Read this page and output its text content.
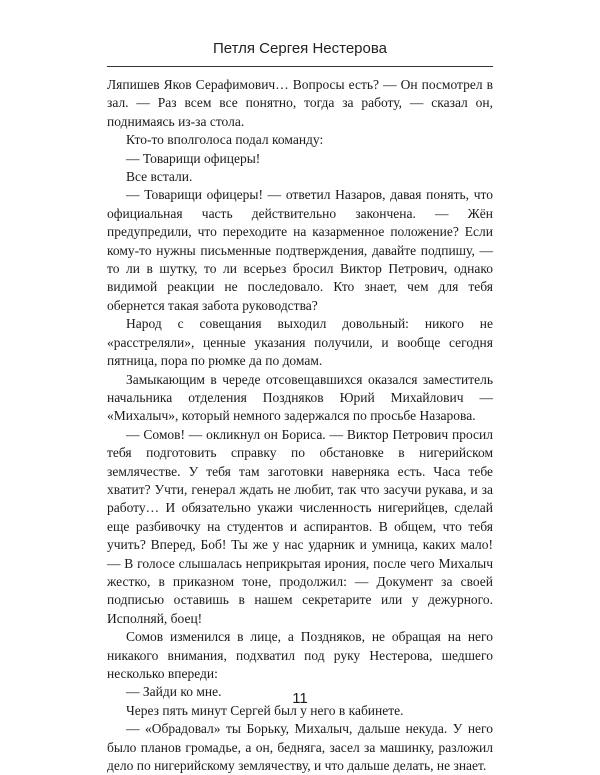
Петля Сергея Нестерова

Ляпишев Яков Серафимович… Вопросы есть? — Он посмотрел в зал. — Раз всем все понятно, тогда за работу, — сказал он, поднимаясь из-за стола.

Кто-то вполголоса подал команду:

— Товарищи офицеры!

Все встали.

— Товарищи офицеры! — ответил Назаров, давая понять, что официальная часть действительно закончена. — Жён предупредили, что переходите на казарменное положение? Если кому-то нужны письменные подтверждения, давайте подпишу, — то ли в шутку, то ли всерьез бросил Виктор Петрович, однако видимой реакции не последовало. Кто знает, чем для тебя обернется такая забота руководства?

Народ с совещания выходил довольный: никого не «расстреляли», ценные указания получили, и вообще сегодня пятница, пора по рюмке да по домам.

Замыкающим в череде отсовещавшихся оказался заместитель начальника отделения Поздняков Юрий Михайлович — «Михалыч», который немного задержался по просьбе Назарова.

— Сомов! — окликнул он Бориса. — Виктор Петрович просил тебя подготовить справку по обстановке в нигерийском землячестве. У тебя там заготовки наверняка есть. Часа тебе хватит? Учти, генерал ждать не любит, так что засучи рукава, и за работу… И обязательно укажи численность нигерийцев, сделай еще разбивочку на студентов и аспирантов. В общем, что тебя учить? Вперед, Боб! Ты же у нас ударник и умница, каких мало! — В голосе слышалась неприкрытая ирония, после чего Михалыч жестко, в приказном тоне, продолжил: — Документ за своей подписью оставишь в нашем секретарите или у дежурного. Исполняй, боец!

Сомов изменился в лице, а Поздняков, не обращая на него никакого внимания, подхватил под руку Нестерова, шедшего несколько впереди:

— Зайди ко мне.

Через пять минут Сергей был у него в кабинете.

— «Обрадовал» ты Борьку, Михалыч, дальше некуда. У него было планов громадье, а он, бедняга, засел за машинку, разложил дело по нигерийскому землячеству, и что дальше делать, не знает.

11
